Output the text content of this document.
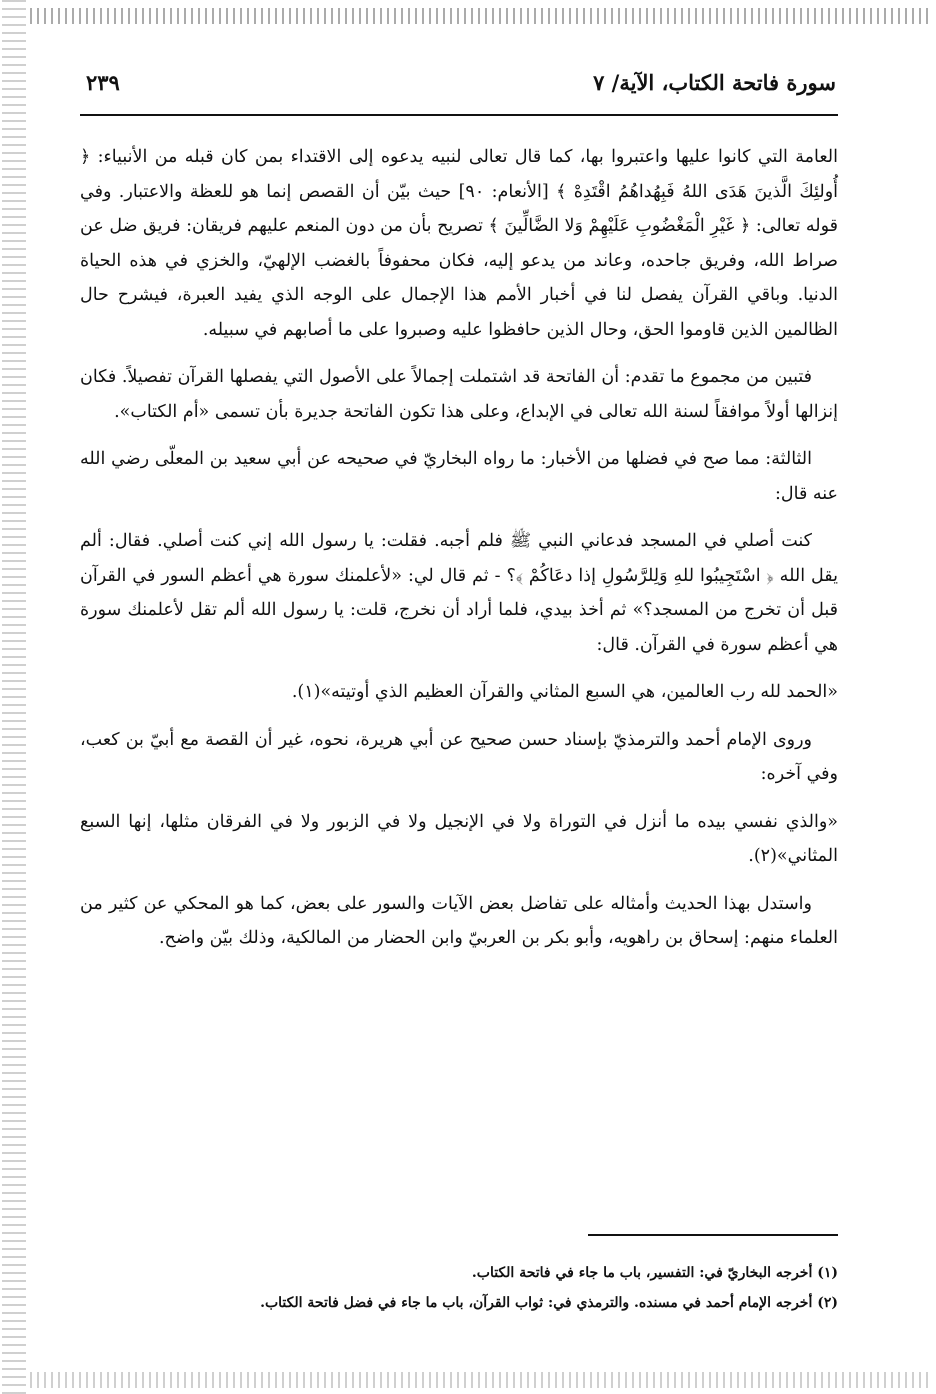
سورة فاتحة الكتاب، الآية/ ٧
٢٣٩

العامة التي كانوا عليها واعتبروا بها، كما قال تعالى لنبيه يدعوه إلى الاقتداء بمن كان قبله من الأنبياء: ﴿ أُولئِكَ الَّذينَ هَدَى اللهُ فَبِهُداهُمُ اقْتَدِهْ ﴾ [الأنعام: ٩٠] حيث بيّن أن القصص إنما هو للعظة والاعتبار. وفي قوله تعالى: ﴿ غَيْرِ الْمَغْضُوبِ عَلَيْهِمْ وَلا الضَّالِّينَ ﴾ تصريح بأن من دون المنعم عليهم فريقان: فريق ضل عن صراط الله، وفريق جاحده، وعاند من يدعو إليه، فكان محفوفاً بالغضب الإلهيّ، والخزي في هذه الحياة الدنيا. وباقي القرآن يفصل لنا في أخبار الأمم هذا الإجمال على الوجه الذي يفيد العبرة، فيشرح حال الظالمين الذين قاوموا الحق، وحال الذين حافظوا عليه وصبروا على ما أصابهم في سبيله.

فتبين من مجموع ما تقدم: أن الفاتحة قد اشتملت إجمالاً على الأصول التي يفصلها القرآن تفصيلاً. فكان إنزالها أولاً موافقاً لسنة الله تعالى في الإبداع، وعلى هذا تكون الفاتحة جديرة بأن تسمى «أم الكتاب».

الثالثة: مما صح في فضلها من الأخبار: ما رواه البخاريّ في صحيحه عن أبي سعيد بن المعلّى رضي الله عنه قال:

كنت أصلي في المسجد فدعاني النبي ﷺ فلم أجبه. فقلت: يا رسول الله إني كنت أصلي. فقال: ألم يقل الله ﴿ اسْتَجِيبُوا للهِ وَلِلرَّسُولِ إذا دعَاكُمْ ﴾؟ - ثم قال لي: «لأعلمنك سورة هي أعظم السور في القرآن قبل أن تخرج من المسجد؟» ثم أخذ بيدي، فلما أراد أن نخرج، قلت: يا رسول الله ألم تقل لأعلمنك سورة هي أعظم سورة في القرآن. قال:

«الحمد لله رب العالمين، هي السبع المثاني والقرآن العظيم الذي أوتيته»(١).

وروى الإمام أحمد والترمذيّ بإسناد حسن صحيح عن أبي هريرة، نحوه، غير أن القصة مع أبيّ بن كعب، وفي آخره:

«والذي نفسي بيده ما أنزل في التوراة ولا في الإنجيل ولا في الزبور ولا في الفرقان مثلها، إنها السبع المثاني»(٢).

واستدل بهذا الحديث وأمثاله على تفاضل بعض الآيات والسور على بعض، كما هو المحكي عن كثير من العلماء منهم: إسحاق بن راهويه، وأبو بكر بن العربيّ وابن الحضار من المالكية، وذلك بيّن واضح.

(١) أخرجه البخاريّ في: التفسير، باب ما جاء في فاتحة الكتاب.

(٢) أخرجه الإمام أحمد في مسنده. والترمذي في: ثواب القرآن، باب ما جاء في فضل فاتحة الكتاب.
